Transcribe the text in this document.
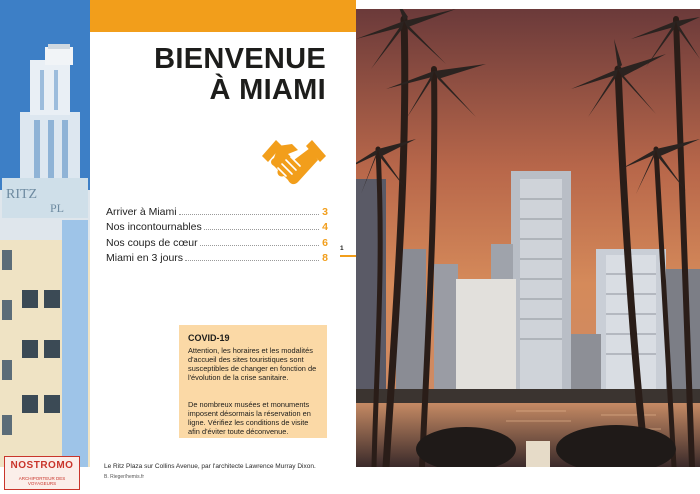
RITZ
PL
NOSTROMO
ARCHIPORTEUR DES VOYAGEURS
BIENVENUE
À MIAMI
Arriver à Miami	3
Nos incontournables	4
Nos coups de cœur	6
Miami en 3 jours	8
1
COVID-19
Attention, les horaires et les modalités d'accueil des sites touristiques sont susceptibles de changer en fonction de l'évolution de la crise sanitaire.
De nombreux musées et monuments imposent désormais la réservation en ligne. Vérifiez les conditions de visite afin d'éviter toute déconvenue.
Le Ritz Plaza sur Collins Avenue, par l'architecte Lawrence Murray Dixon.
B. Rieger/hemis.fr
